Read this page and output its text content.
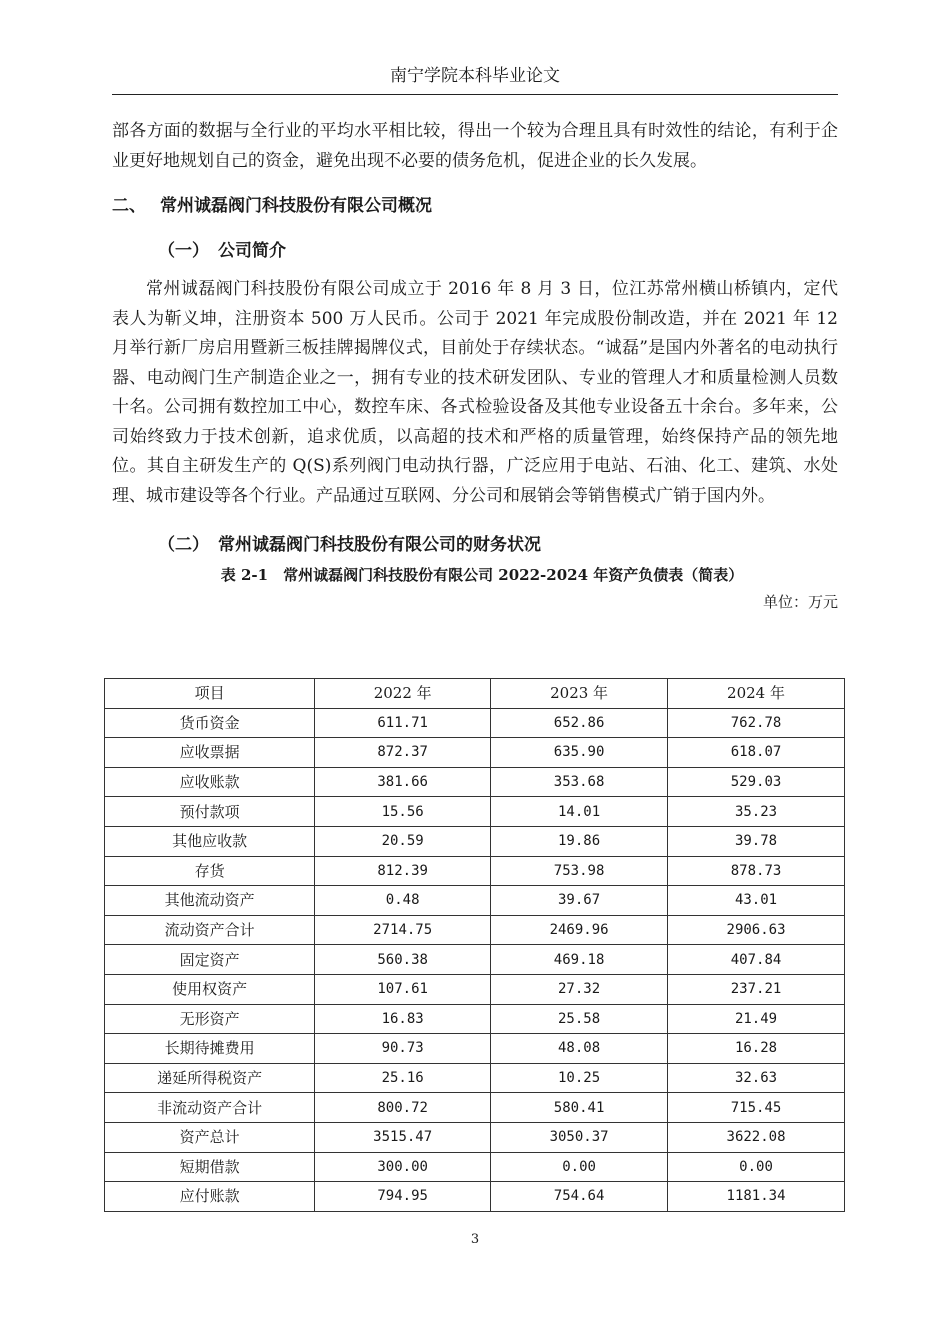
南宁学院本科毕业论文

部各方面的数据与全行业的平均水平相比较，得出一个较为合理且具有时效性的结论，有利于企业更好地规划自己的资金，避免出现不必要的债务危机，促进企业的长久发展。

二、 常州诚磊阀门科技股份有限公司概况
（一） 公司简介

常州诚磊阀门科技股份有限公司成立于 2016 年 8 月 3 日，位江苏常州横山桥镇内，定代表人为靳义坤，注册资本 500 万人民币。公司于 2021 年完成股份制改造，并在 2021 年 12 月举行新厂房启用暨新三板挂牌揭牌仪式，目前处于存续状态。“诚磊”是国内外著名的电动执行器、电动阀门生产制造企业之一，拥有专业的技术研发团队、专业的管理人才和质量检测人员数十名。公司拥有数控加工中心，数控车床、各式检验设备及其他专业设备五十余台。多年来，公司始终致力于技术创新，追求优质，以高超的技术和严格的质量管理，始终保持产品的领先地位。其自主研发生产的 Q(S)系列阀门电动执行器，广泛应用于电站、石油、化工、建筑、水处理、城市建设等各个行业。产品通过互联网、分公司和展销会等销售模式广销于国内外。

（二） 常州诚磊阀门科技股份有限公司的财务状况
表 2-1　常州诚磊阀门科技股份有限公司 2022-2024 年资产负债表（简表）
单位：万元
项目	2022 年	2023 年	2024 年
货币资金	611.71	652.86	762.78
应收票据	872.37	635.90	618.07
应收账款	381.66	353.68	529.03
预付款项	15.56	14.01	35.23
其他应收款	20.59	19.86	39.78
存货	812.39	753.98	878.73
其他流动资产	0.48	39.67	43.01
流动资产合计	2714.75	2469.96	2906.63
固定资产	560.38	469.18	407.84
使用权资产	107.61	27.32	237.21
无形资产	16.83	25.58	21.49
长期待摊费用	90.73	48.08	16.28
递延所得税资产	25.16	10.25	32.63
非流动资产合计	800.72	580.41	715.45
资产总计	3515.47	3050.37	3622.08
短期借款	300.00	0.00	0.00
应付账款	794.95	754.64	1181.34
3
